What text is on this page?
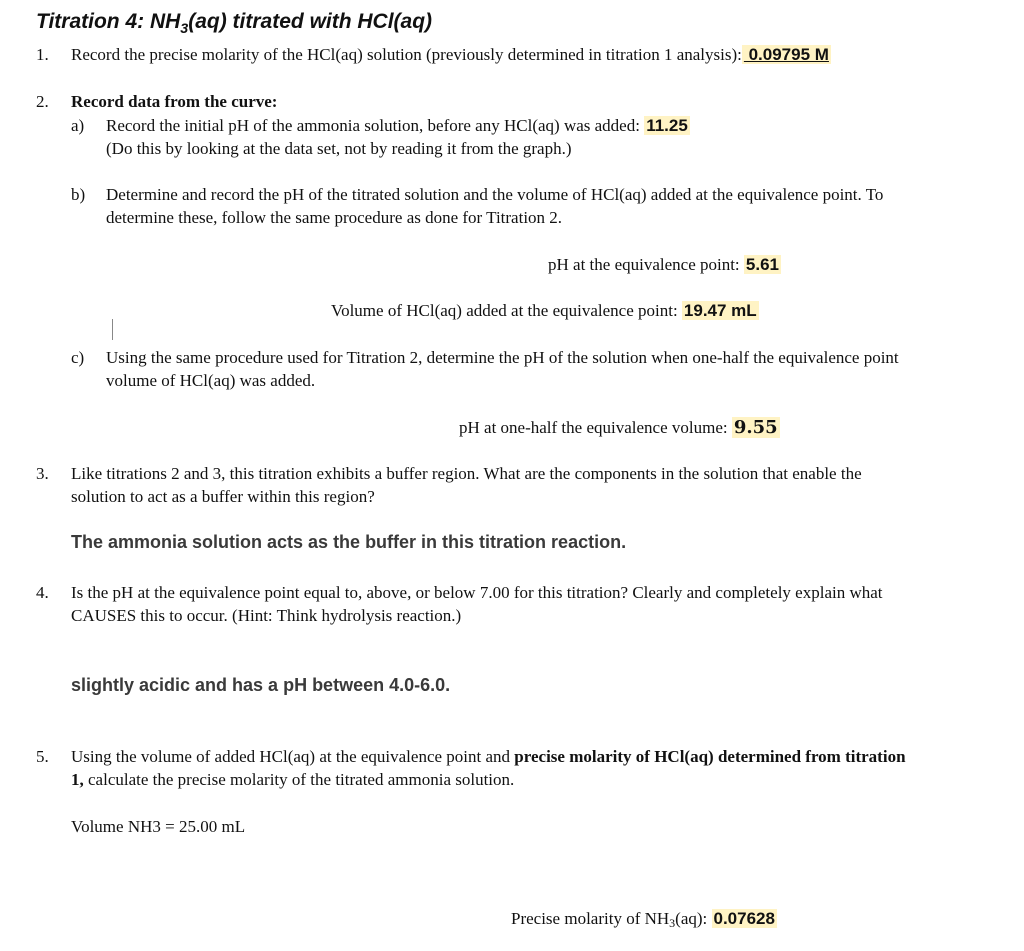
Titration 4: $NH_3(aq)$ titrated with HCl(aq)
1. Record the precise molarity of the HCl(aq) solution (previously determined in titration 1 analysis): 0.09795 M
2. Record data from the curve:
a) Record the initial pH of the ammonia solution, before any HCl(aq) was added: 11.25
(Do this by looking at the data set, not by reading it from the graph.)
b) Determine and record the pH of the titrated solution and the volume of HCl(aq) added at the equivalence point. To
determine these, follow the same procedure as done for Titration 2.
pH at the equivalence point: 5.61
Volume of HCl(aq) added at the equivalence point: 19.47 mL
c) Using the same procedure used for Titration 2, determine the pH of the solution when one-half the equivalence point
volume of HCl(aq) was added.
pH at one-half the equivalence volume: 9.55
3. Like titrations 2 and 3, this titration exhibits a buffer region. What are the components in the solution that enable the
solution to act as a buffer within this region?
The ammonia solution acts as the buffer in this titration reaction.
4. Is the pH at the equivalence point equal to, above, or below 7.00 for this titration? Clearly and completely explain what
CAUSES this to occur. (Hint: Think hydrolysis reaction.)
slightly acidic and has a pH between 4.0-6.0.
5. Using the volume of added HCl(aq) at the equivalence point and precise molarity of HCl(aq) determined from titration
1, calculate the precise molarity of the titrated ammonia solution.
Volume NH3 = 25.00 mL
Precise molarity of NH3(aq): 0.07628
